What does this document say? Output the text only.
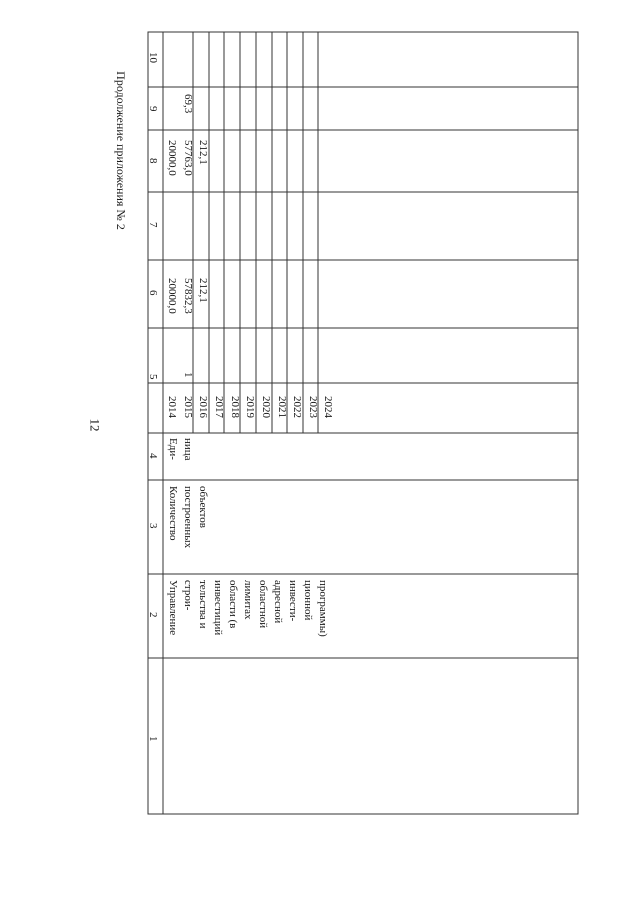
12
Продолжение приложения № 2
1
2
3
4
5
6
7
8
9
10
Управление строи- тельства и инвестиций области (в лимитах областной адресной инвести- ционной программы)
Количество построенных объектов
Еди- ница
2014 2015 2016 2017 2018 2019 2020 2021 2022 2023 2024
1
20000,0 57832,3 212,1
20000,0 57763,0 212,1
69,3
